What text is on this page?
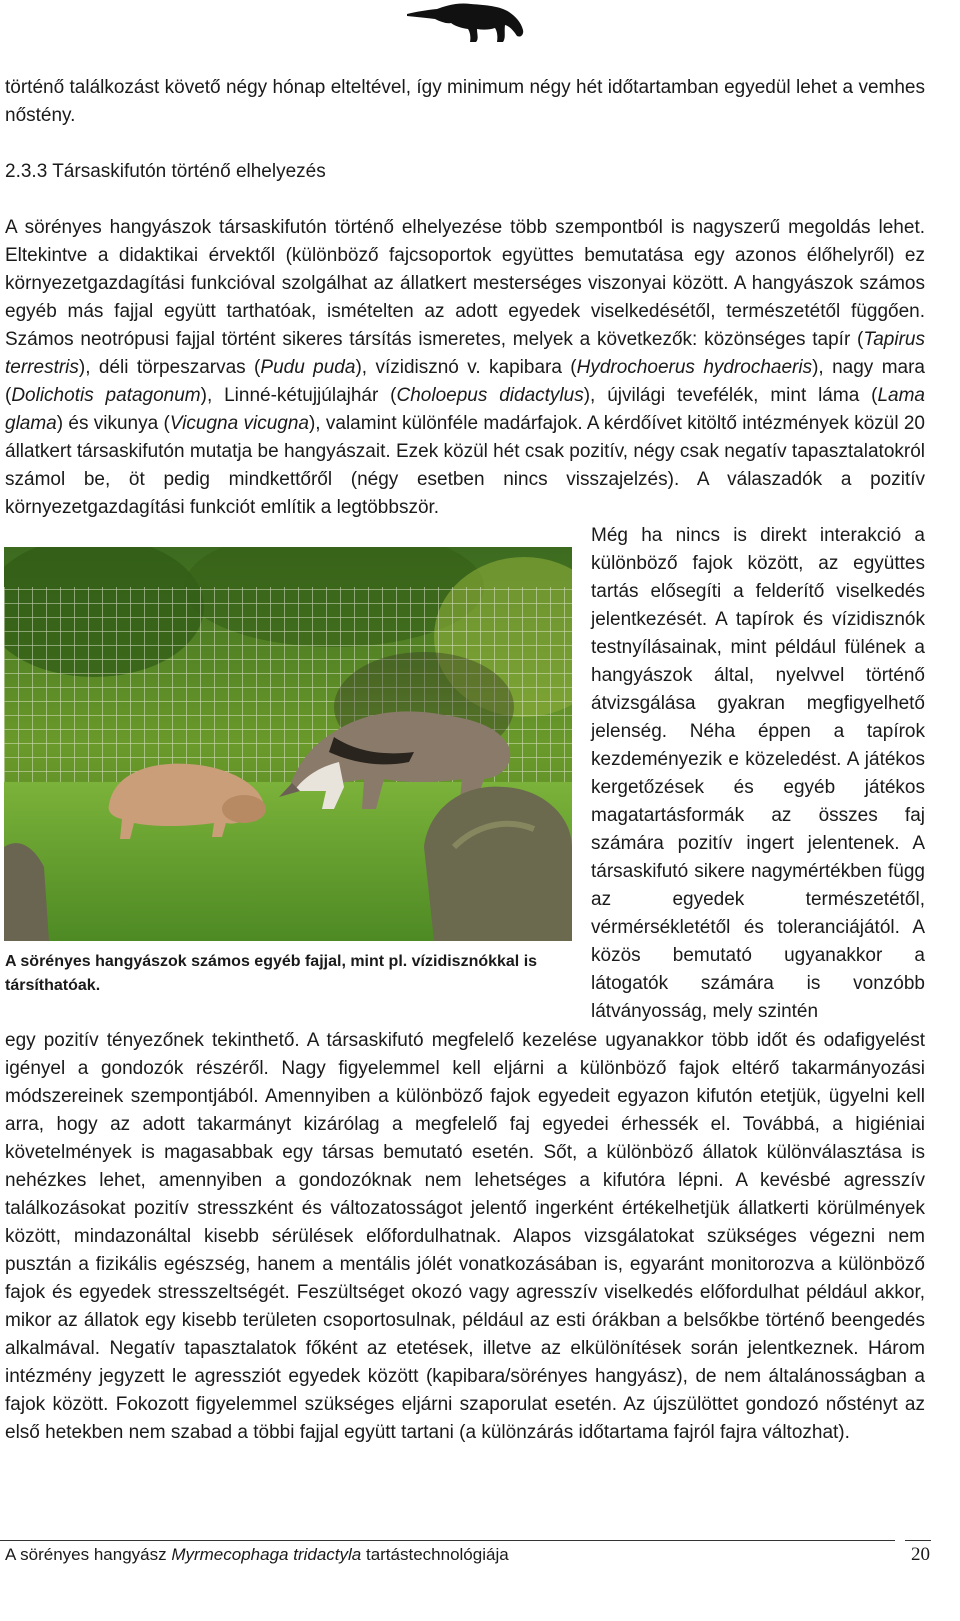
történő találkozást követő négy hónap elteltével, így minimum négy hét időtartamban egyedül lehet a vemhes nőstény.

2.3.3 Társaskifutón történő elhelyezés

A sörényes hangyászok társaskifutón történő elhelyezése több szempontból is nagyszerű megoldás lehet. Eltekintve a didaktikai érvektől (különböző fajcsoportok együttes bemutatása egy azonos élőhelyről) ez környezetgazdagítási funkcióval szolgálhat az állatkert mesterséges viszonyai között. A hangyászok számos egyéb más fajjal együtt tarthatóak, ismételten az adott egyedek viselkedésétől, természetétől függően. Számos neotrópusi fajjal történt sikeres társítás ismeretes, melyek a következők: közönséges tapír (Tapirus terrestris), déli törpeszarvas (Pudu puda), vízidisznó v. kapibara (Hydrochoerus hydrochaeris), nagy mara (Dolichotis patagonum), Linné-kétujjúlajhár (Choloepus didactylus), újvilági tevefélék, mint láma (Lama glama) és vikunya (Vicugna vicugna), valamint különféle madárfajok. A kérdőívet kitöltő intézmények közül 20 állatkert társaskifutón mutatja be hangyászait. Ezek közül hét csak pozitív, négy csak negatív tapasztalatokról számol be, öt pedig mindkettőről (négy esetben nincs visszajelzés). A válaszadók a pozitív környezetgazdagítási funkciót említik a legtöbbször.

A sörényes hangyászok számos egyéb fajjal, mint pl. vízidisznókkal is társíthatóak.

Még ha nincs is direkt interakció a különböző fajok között, az együttes tartás elősegíti a felderítő viselkedés jelentkezését. A tapírok és vízidisznók testnyílásainak, mint például fülének a hangyászok által, nyelvvel történő átvizsgálása gyakran megfigyelhető jelenség. Néha éppen a tapírok kezdeményezik e közeledést. A játékos kergetőzések és egyéb játékos magatartásformák az összes faj számára pozitív ingert jelentenek. A társaskifutó sikere nagymértékben függ az egyedek természetétől, vérmérsékletétől és toleranciájától. A közös bemutató ugyanakkor a látogatók számára is vonzóbb látványosság, mely szintén

egy pozitív tényezőnek tekinthető. A társaskifutó megfelelő kezelése ugyanakkor több időt és odafigyelést igényel a gondozók részéről. Nagy figyelemmel kell eljárni a különböző fajok eltérő takarmányozási módszereinek szempontjából. Amennyiben a különböző fajok egyedeit egyazon kifutón etetjük, ügyelni kell arra, hogy az adott takarmányt kizárólag a megfelelő faj egyedei érhessék el. Továbbá, a higiéniai követelmények is magasabbak egy társas bemutató esetén. Sőt, a különböző állatok különválasztása is nehézkes lehet, amennyiben a gondozóknak nem lehetséges a kifutóra lépni. A kevésbé agresszív találkozásokat pozitív stresszként és változatosságot jelentő ingerként értékelhetjük állatkerti körülmények között, mindazonáltal kisebb sérülések előfordulhatnak. Alapos vizsgálatokat szükséges végezni nem pusztán a fizikális egészség, hanem a mentális jólét vonatkozásában is, egyaránt monitorozva a különböző fajok és egyedek stresszeltségét. Feszültséget okozó vagy agresszív viselkedés előfordulhat például akkor, mikor az állatok egy kisebb területen csoportosulnak, például az esti órákban a belsőkbe történő beengedés alkalmával. Negatív tapasztalatok főként az etetések, illetve az elkülönítések során jelentkeznek. Három intézmény jegyzett le agressziót egyedek között (kapibara/sörényes hangyász), de nem általánosságban a fajok között. Fokozott figyelemmel szükséges eljárni szaporulat esetén. Az újszülöttet gondozó nőstényt az első hetekben nem szabad a többi fajjal együtt tartani (a különzárás időtartama fajról fajra változhat).

A sörényes hangyász Myrmecophaga tridactyla tartástechnológiája	20
